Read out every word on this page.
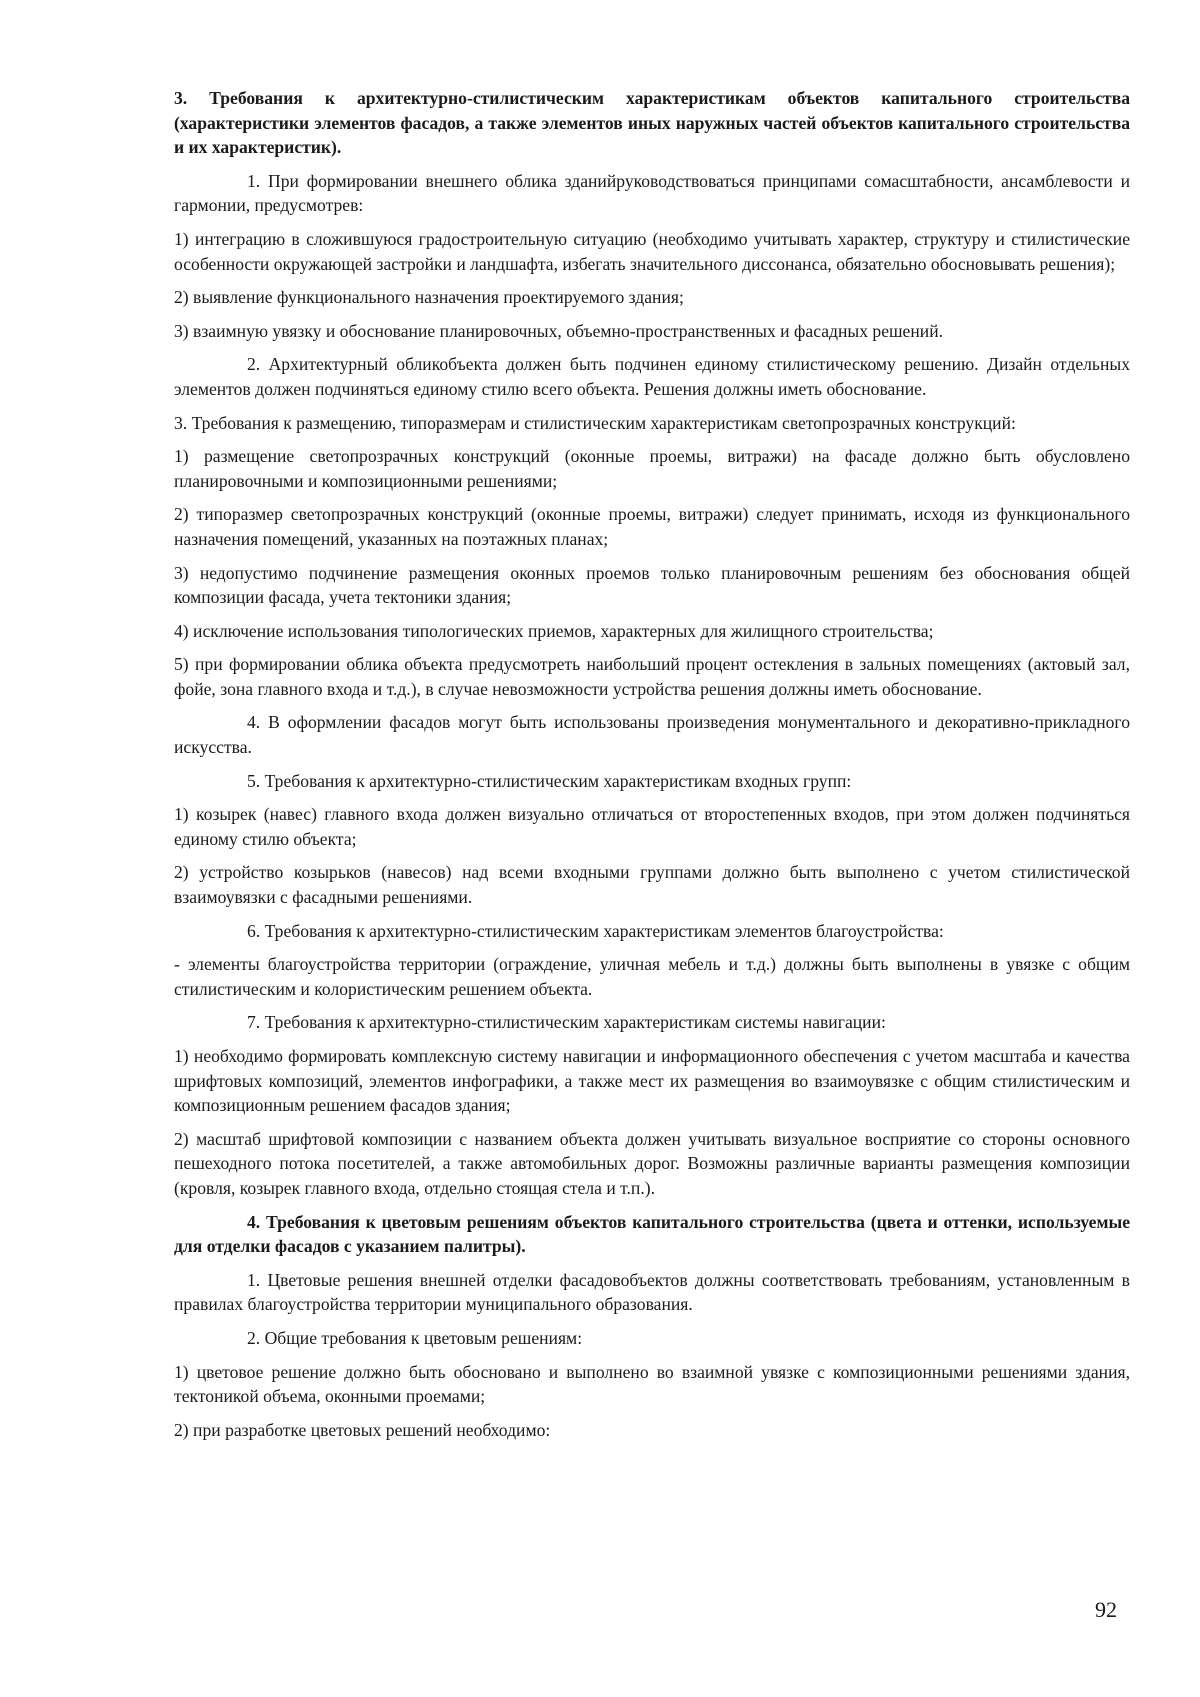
3. Требования к архитектурно-стилистическим характеристикам объектов капитального строительства (характеристики элементов фасадов, а также элементов иных наружных частей объектов капитального строительства и их характеристик).

1. При формировании внешнего облика зданийруководствоваться принципами сомасштабности, ансамблевости и гармонии, предусмотрев:

1) интеграцию в сложившуюся градостроительную ситуацию (необходимо учитывать характер, структуру и стилистические особенности окружающей застройки и ландшафта, избегать значительного диссонанса, обязательно обосновывать решения);

2) выявление функционального назначения проектируемого здания;

3) взаимную увязку и обоснование планировочных, объемно-пространственных и фасадных решений.

2. Архитектурный обликобъекта должен быть подчинен единому стилистическому решению. Дизайн отдельных элементов должен подчиняться единому стилю всего объекта. Решения должны иметь обоснование.

3. Требования к размещению, типоразмерам и стилистическим характеристикам светопрозрачных конструкций:

1) размещение светопрозрачных конструкций (оконные проемы, витражи) на фасаде должно быть обусловлено планировочными и композиционными решениями;

2) типоразмер светопрозрачных конструкций (оконные проемы, витражи) следует принимать, исходя из функционального назначения помещений, указанных на поэтажных планах;

3) недопустимо подчинение размещения оконных проемов только планировочным решениям без обоснования общей композиции фасада, учета тектоники здания;

4) исключение использования типологических приемов, характерных для жилищного строительства;

5) при формировании облика объекта предусмотреть наибольший процент остекления в зальных помещениях (актовый зал, фойе, зона главного входа и т.д.), в случае невозможности устройства решения должны иметь обоснование.

4. В оформлении фасадов могут быть использованы произведения монументального и декоративно-прикладного искусства.

5. Требования к архитектурно-стилистическим характеристикам входных групп:

1) козырек (навес) главного входа должен визуально отличаться от второстепенных входов, при этом должен подчиняться единому стилю объекта;

2) устройство козырьков (навесов) над всеми входными группами должно быть выполнено с учетом стилистической взаимоувязки с фасадными решениями.

6. Требования к архитектурно-стилистическим характеристикам элементов благоустройства:

- элементы благоустройства территории (ограждение, уличная мебель и т.д.) должны быть выполнены в увязке с общим стилистическим и колористическим решением объекта.

7. Требования к архитектурно-стилистическим характеристикам системы навигации:

1) необходимо формировать комплексную систему навигации и информационного обеспечения с учетом масштаба и качества шрифтовых композиций, элементов инфографики, а также мест их размещения во взаимоувязке с общим стилистическим и композиционным решением фасадов здания;

2) масштаб шрифтовой композиции с названием объекта должен учитывать визуальное восприятие со стороны основного пешеходного потока посетителей, а также автомобильных дорог. Возможны различные варианты размещения композиции (кровля, козырек главного входа, отдельно стоящая стела и т.п.).

4. Требования к цветовым решениям объектов капитального строительства (цвета и оттенки, используемые для отделки фасадов с указанием палитры).

1. Цветовые решения внешней отделки фасадовобъектов должны соответствовать требованиям, установленным в правилах благоустройства территории муниципального образования.

2. Общие требования к цветовым решениям:

1) цветовое решение должно быть обосновано и выполнено во взаимной увязке с композиционными решениями здания, тектоникой объема, оконными проемами;

2) при разработке цветовых решений необходимо:

92
